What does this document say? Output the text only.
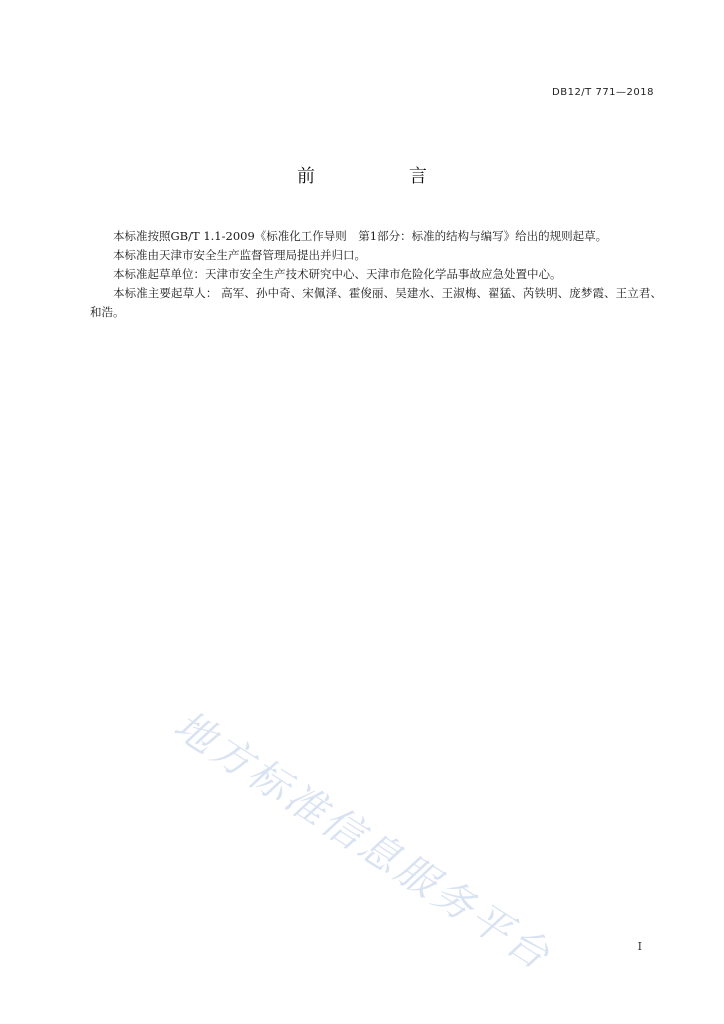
DB12/T 771—2018
前　言

本标准按照GB/T 1.1-2009《标准化工作导则　第1部分：标准的结构与编写》给出的规则起草。

本标准由天津市安全生产监督管理局提出并归口。

本标准起草单位：天津市安全生产技术研究中心、天津市危险化学品事故应急处置中心。

本标准主要起草人： 高军、孙中奇、宋佩泽、霍俊丽、吴建水、王淑梅、翟猛、芮铁明、庞梦霞、王立君、和浩。

地方标准信息服务平台	I
